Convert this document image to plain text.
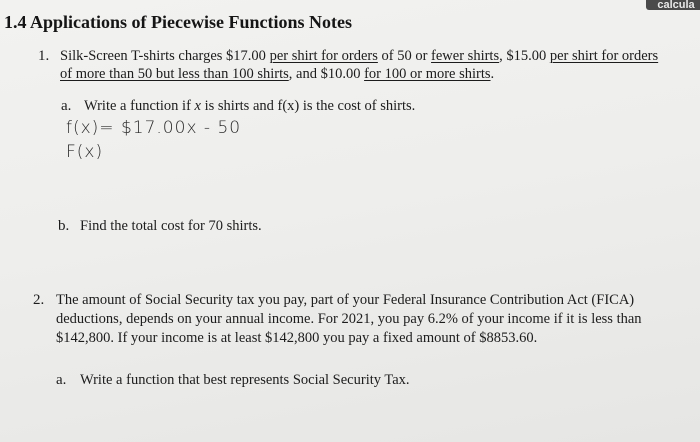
calcula
1.4 Applications of Piecewise Functions Notes
1. Silk-Screen T-shirts charges $17.00 per shirt for orders of 50 or fewer shirts, $15.00 per shirt for orders
of more than 50 but less than 100 shirts, and $10.00 for 100 or more shirts.
a. Write a function if x is shirts and f(x) is the cost of shirts.
f(x)= $17.00x - 50
F(x)
b. Find the total cost for 70 shirts.
2. The amount of Social Security tax you pay, part of your Federal Insurance Contribution Act (FICA)
deductions, depends on your annual income. For 2021, you pay 6.2% of your income if it is less than
$142,800. If your income is at least $142,800 you pay a fixed amount of $8853.60.
a. Write a function that best represents Social Security Tax.
